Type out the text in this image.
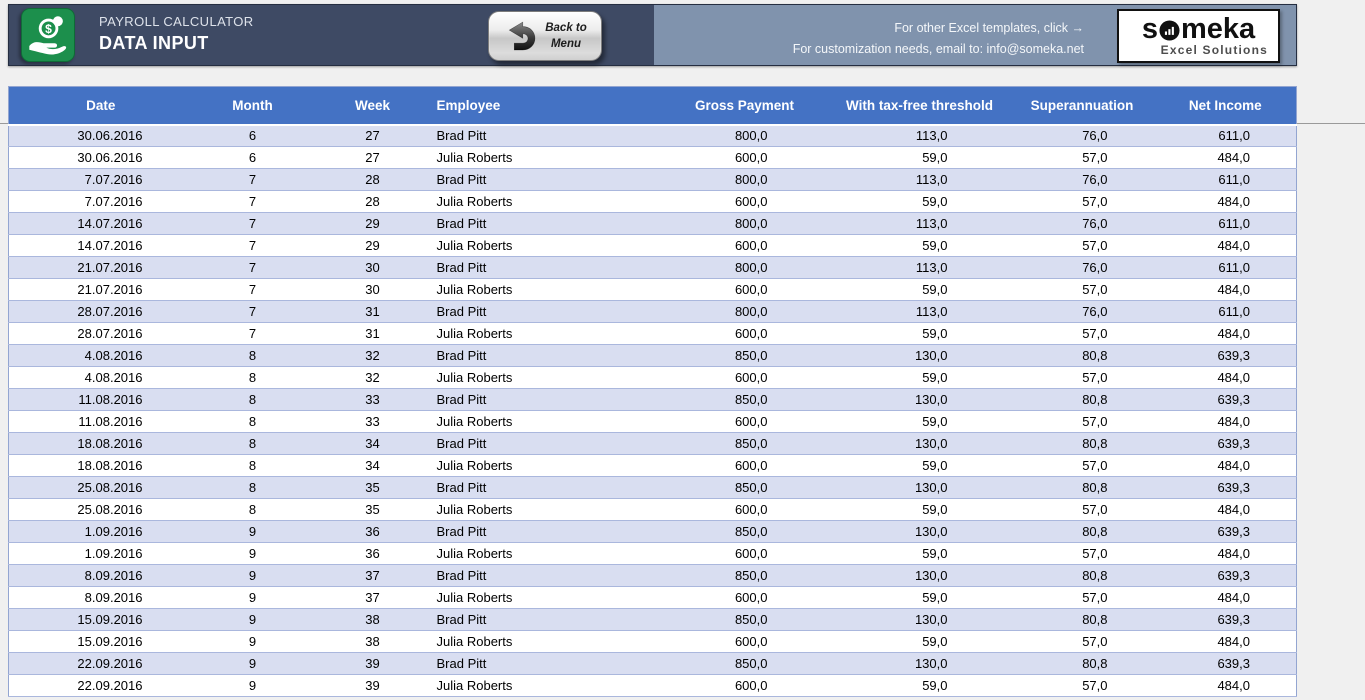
$	PAYROLL CALCULATOR
DATA INPUT
Back to
Menu
For other Excel templates, click →
For customization needs, email to: info@someka.net
s meka
Excel Solutions
Date	Month	Week	Employee	Gross Payment	With tax-free threshold	Superannuation	Net Income
30.06.2016	6	27	Brad Pitt	800,0	113,0	76,0	611,0
30.06.2016	6	27	Julia Roberts	600,0	59,0	57,0	484,0
7.07.2016	7	28	Brad Pitt	800,0	113,0	76,0	611,0
7.07.2016	7	28	Julia Roberts	600,0	59,0	57,0	484,0
14.07.2016	7	29	Brad Pitt	800,0	113,0	76,0	611,0
14.07.2016	7	29	Julia Roberts	600,0	59,0	57,0	484,0
21.07.2016	7	30	Brad Pitt	800,0	113,0	76,0	611,0
21.07.2016	7	30	Julia Roberts	600,0	59,0	57,0	484,0
28.07.2016	7	31	Brad Pitt	800,0	113,0	76,0	611,0
28.07.2016	7	31	Julia Roberts	600,0	59,0	57,0	484,0
4.08.2016	8	32	Brad Pitt	850,0	130,0	80,8	639,3
4.08.2016	8	32	Julia Roberts	600,0	59,0	57,0	484,0
11.08.2016	8	33	Brad Pitt	850,0	130,0	80,8	639,3
11.08.2016	8	33	Julia Roberts	600,0	59,0	57,0	484,0
18.08.2016	8	34	Brad Pitt	850,0	130,0	80,8	639,3
18.08.2016	8	34	Julia Roberts	600,0	59,0	57,0	484,0
25.08.2016	8	35	Brad Pitt	850,0	130,0	80,8	639,3
25.08.2016	8	35	Julia Roberts	600,0	59,0	57,0	484,0
1.09.2016	9	36	Brad Pitt	850,0	130,0	80,8	639,3
1.09.2016	9	36	Julia Roberts	600,0	59,0	57,0	484,0
8.09.2016	9	37	Brad Pitt	850,0	130,0	80,8	639,3
8.09.2016	9	37	Julia Roberts	600,0	59,0	57,0	484,0
15.09.2016	9	38	Brad Pitt	850,0	130,0	80,8	639,3
15.09.2016	9	38	Julia Roberts	600,0	59,0	57,0	484,0
22.09.2016	9	39	Brad Pitt	850,0	130,0	80,8	639,3
22.09.2016	9	39	Julia Roberts	600,0	59,0	57,0	484,0
